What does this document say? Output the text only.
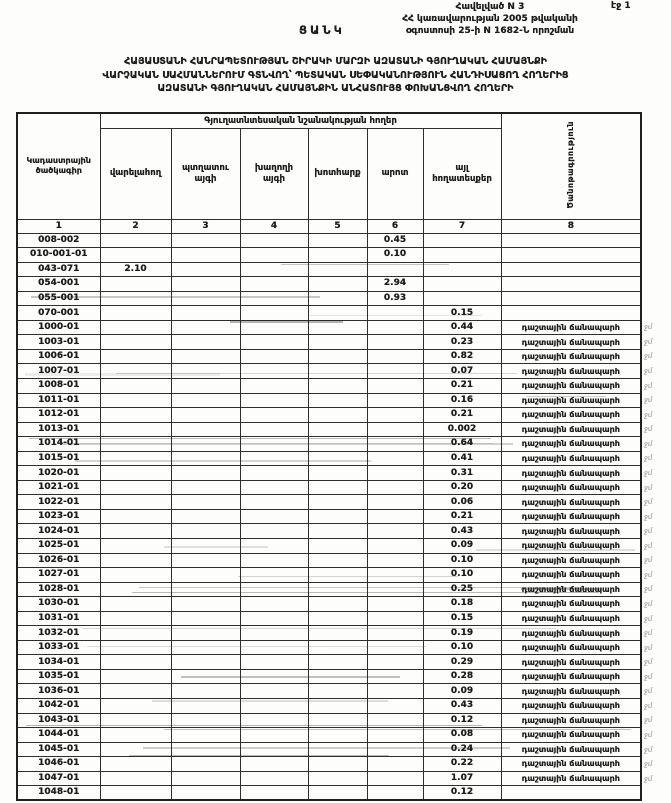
Հավելված N 3
ՀՀ կառավարության 2005 թվականի
օգոստոսի 25-ի N 1682-Ն որոշման
էջ 1
ՑԱՆԿ
ՀԱՅԱՍՏԱՆԻ ՀԱՆՐԱՊԵՏՈՒԹՅԱՆ ՇԻՐԱԿԻ ՄԱՐԶԻ ԱԶԱՏԱՆԻ ԳՅՈՒՂԱԿԱՆ ՀԱՄԱՅՆՔԻ
ՎԱՐՉԱԿԱՆ ՍԱՀՄԱՆՆԵՐՈՒՄ ԳՏՆՎՈՂ՝ ՊԵՏԱԿԱՆ ՍԵՓԱԿԱՆՈՒԹՅՈՒՆ ՀԱՆԴԻՍԱՑՈՂ ՀՈՂԵՐԻՑ
ԱԶԱՏԱՆԻ ԳՅՈՒՂԱԿԱՆ ՀԱՄԱՅՆՔԻՆ ԱՆՀԱՏՈՒՅՑ ՓՈԽԱՆՑՎՈՂ ՀՈՂԵՐԻ
Կադաստրային ծածկագիր	Գյուղատնտեսական նշանակության հողեր						Ծանոթագրություն
	վարելահող	պտղատու այգի	խաղողի այգի	խոտհարք	արոտ	այլ հողատեսքեր	
1	2	3	4	5	6	7	8
008-002					0.45		
010-001-01					0.10		
043-071	2.10						
054-001					2.94		
055-001					0.93		
070-001						0.15	
1000-01						0.44	դաշտային ճանապարհ
1003-01						0.23	դաշտային ճանապարհ
1006-01						0.82	դաշտային ճանապարհ
1007-01						0.07	դաշտային ճանապարհ
1008-01						0.21	դաշտային ճանապարհ
1011-01						0.16	դաշտային ճանապարհ
1012-01						0.21	դաշտային ճանապարհ
1013-01						0.002	դաշտային ճանապարհ
1014-01						0.64	դաշտային ճանապարհ
1015-01						0.41	դաշտային ճանապարհ
1020-01						0.31	դաշտային ճանապարհ
1021-01						0.20	դաշտային ճանապարհ
1022-01						0.06	դաշտային ճանապարհ
1023-01						0.21	դաշտային ճանապարհ
1024-01						0.43	դաշտային ճանապարհ
1025-01						0.09	դաշտային ճանապարհ
1026-01						0.10	դաշտային ճանապարհ
1027-01						0.10	դաշտային ճանապարհ
1028-01						0.25	դաշտային ճանապարհ
1030-01						0.18	դաշտային ճանապարհ
1031-01						0.15	դաշտային ճանապարհ
1032-01						0.19	դաշտային ճանապարհ
1033-01						0.10	դաշտային ճանապարհ
1034-01						0.29	դաշտային ճանապարհ
1035-01						0.28	դաշտային ճանապարհ
1036-01						0.09	դաշտային ճանապարհ
1042-01						0.43	դաշտային ճանապարհ
1043-01						0.12	դաշտային ճանապարհ
1044-01						0.08	դաշտային ճանապարհ
1045-01						0.24	դաշտային ճանապարհ
1046-01						0.22	դաշտային ճանապարհ
1047-01						1.07	դաշտային ճանապարհ
1048-01						0.12	
ջմ
ջմ
ջմ
ջմ
ջմ
ջմ
ջմ
ջմ
ջմ
ջմ
ջմ
ջմ
ջմ
ջմ
ջմ
ջմ
ջմ
ջմ
ջմ
ջմ
ջմ
ջմ
ջմ
ջմ
ջմ
ջմ
ջմ
ջմ
ջմ
ջմ
ջմ
ջմ
